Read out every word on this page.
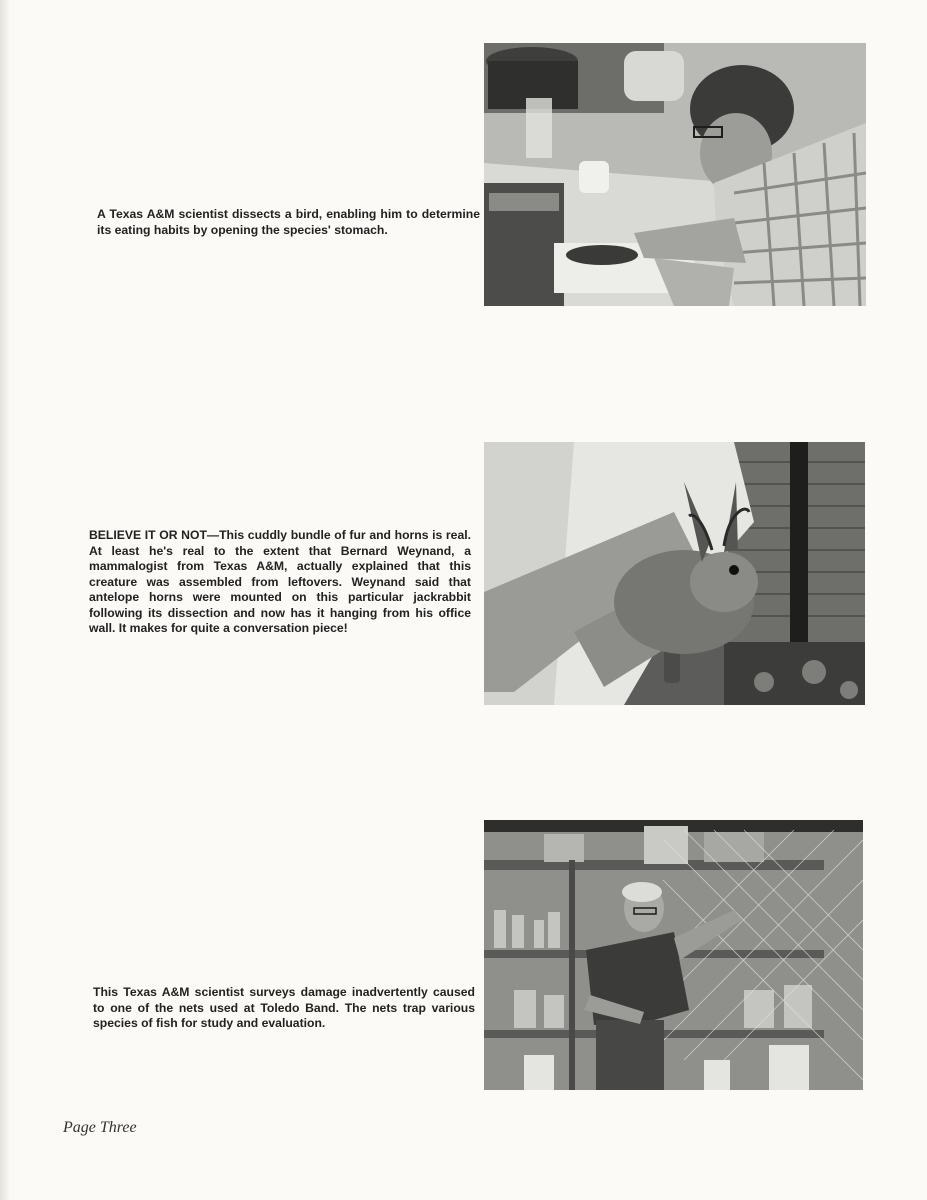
A Texas A&M scientist dissects a bird, enabling him to determine its eating habits by opening the species' stomach.

BELIEVE IT OR NOT—This cuddly bundle of fur and horns is real. At least he's real to the extent that Bernard Weynand, a mammalogist from Texas A&M, actually explained that this creature was assembled from leftovers. Weynand said that antelope horns were mounted on this particular jackrabbit following its dissection and now has it hanging from his office wall. It makes for quite a conversation piece!

This Texas A&M scientist surveys damage inadvertently caused to one of the nets used at Toledo Band. The nets trap various species of fish for study and evaluation.

Page Three
